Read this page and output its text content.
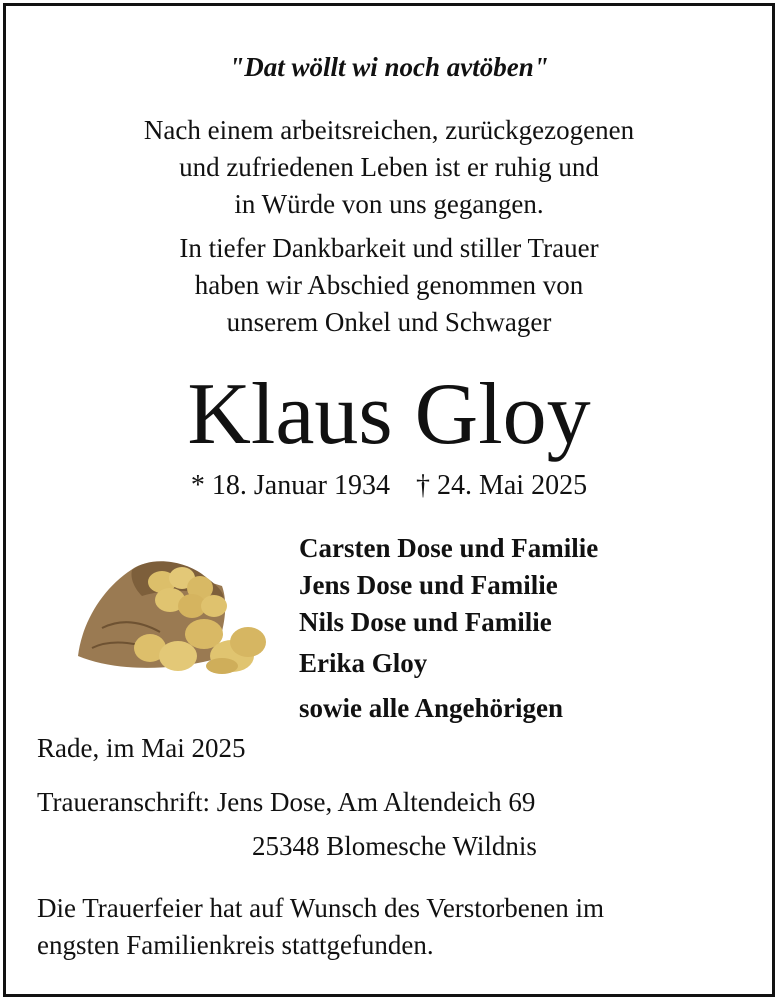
"Dat wöllt wi noch avtöben"
Nach einem arbeitsreichen, zurückgezogenen
und zufriedenen Leben ist er ruhig und
in Würde von uns gegangen.
In tiefer Dankbarkeit und stiller Trauer
haben wir Abschied genommen von
unserem Onkel und Schwager
Klaus Gloy
* 18. Januar 1934 † 24. Mai 2025
Carsten Dose und Familie
Jens Dose und Familie
Nils Dose und Familie
Erika Gloy
sowie alle Angehörigen
Rade, im Mai 2025
Traueranschrift: Jens Dose, Am Altendeich 69
25348 Blomesche Wildnis
Die Trauerfeier hat auf Wunsch des Verstorbenen im
engsten Familienkreis stattgefunden.
